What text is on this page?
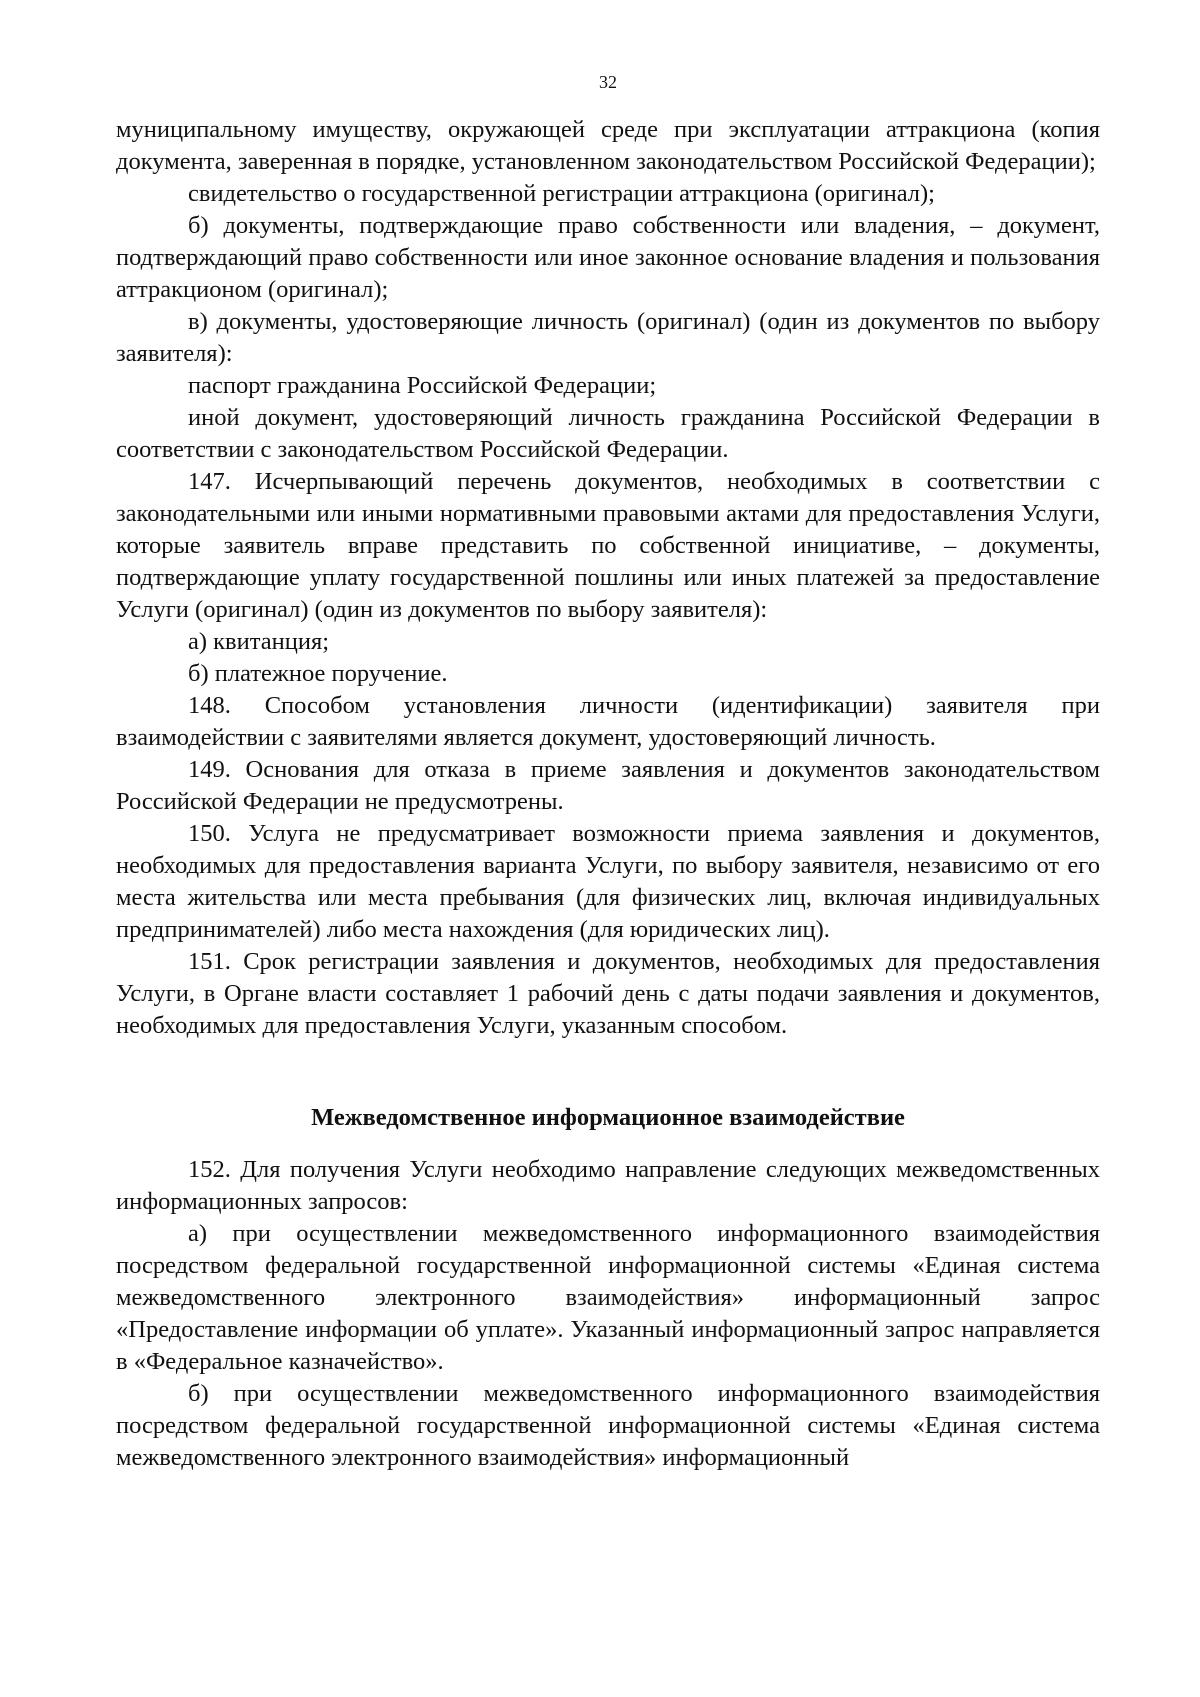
32

муниципальному имуществу, окружающей среде при эксплуатации аттракциона (копия документа, заверенная в порядке, установленном законодательством Российской Федерации);

свидетельство о государственной регистрации аттракциона (оригинал);

б) документы, подтверждающие право собственности или владения, – документ, подтверждающий право собственности или иное законное основание владения и пользования аттракционом (оригинал);

в) документы, удостоверяющие личность (оригинал) (один из документов по выбору заявителя):

паспорт гражданина Российской Федерации;

иной документ, удостоверяющий личность гражданина Российской Федерации в соответствии с законодательством Российской Федерации.

147. Исчерпывающий перечень документов, необходимых в соответствии с законодательными или иными нормативными правовыми актами для предоставления Услуги, которые заявитель вправе представить по собственной инициативе, – документы, подтверждающие уплату государственной пошлины или иных платежей за предоставление Услуги (оригинал) (один из документов по выбору заявителя):

а) квитанция;

б) платежное поручение.

148. Способом установления личности (идентификации) заявителя при взаимодействии с заявителями является документ, удостоверяющий личность.

149. Основания для отказа в приеме заявления и документов законодательством Российской Федерации не предусмотрены.

150. Услуга не предусматривает возможности приема заявления и документов, необходимых для предоставления варианта Услуги, по выбору заявителя, независимо от его места жительства или места пребывания (для физических лиц, включая индивидуальных предпринимателей) либо места нахождения (для юридических лиц).

151. Срок регистрации заявления и документов, необходимых для предоставления Услуги, в Органе власти составляет 1 рабочий день с даты подачи заявления и документов, необходимых для предоставления Услуги, указанным способом.

Межведомственное информационное взаимодействие

152. Для получения Услуги необходимо направление следующих межведомственных информационных запросов:

а) при осуществлении межведомственного информационного взаимодействия посредством федеральной государственной информационной системы «Единая система межведомственного электронного взаимодействия» информационный запрос «Предоставление информации об уплате». Указанный информационный запрос направляется в «Федеральное казначейство».

б) при осуществлении межведомственного информационного взаимодействия посредством федеральной государственной информационной системы «Единая система межведомственного электронного взаимодействия» информационный
